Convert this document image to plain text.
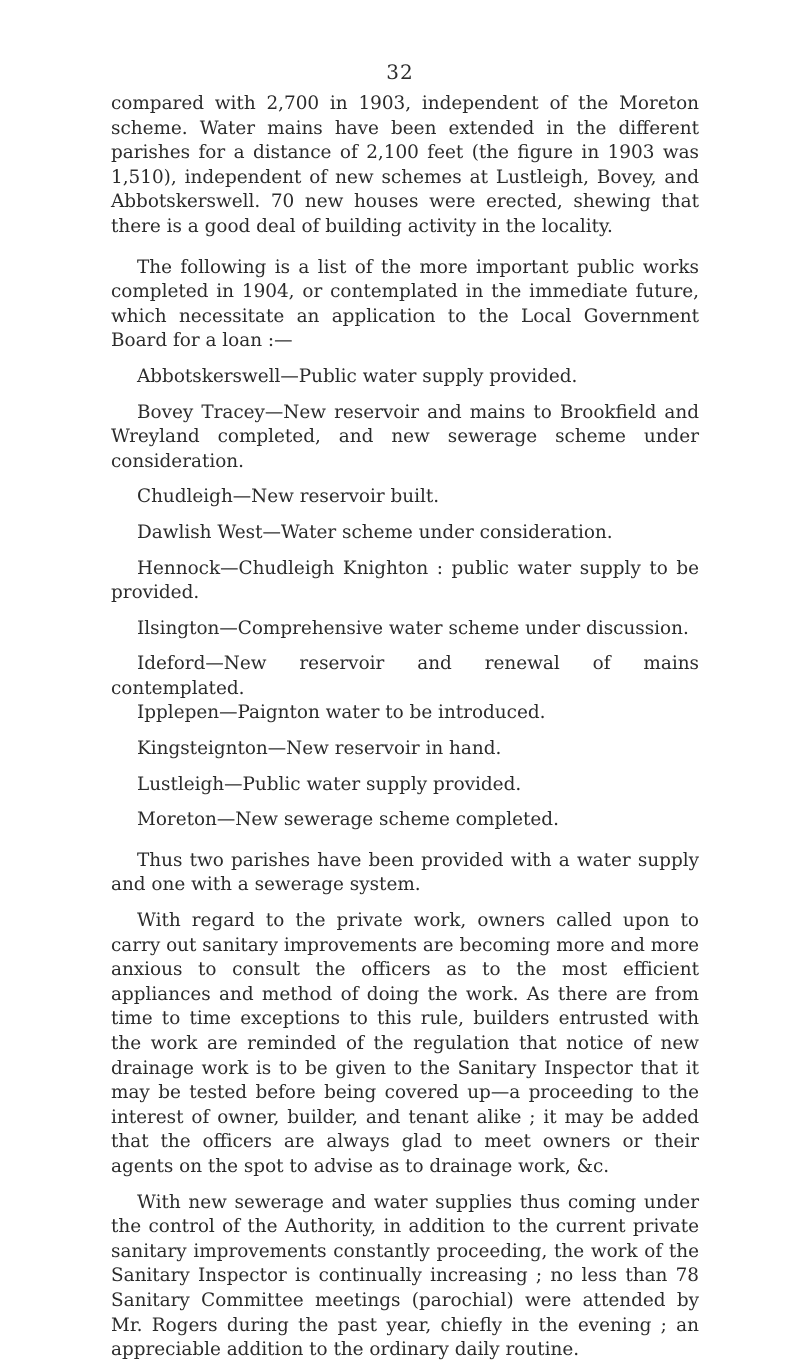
32

compared with 2,700 in 1903, independent of the Moreton scheme. Water mains have been extended in the different parishes for a distance of 2,100 feet (the figure in 1903 was 1,510), independent of new schemes at Lustleigh, Bovey, and Abbotskerswell. 70 new houses were erected, shewing that there is a good deal of building activity in the locality.

The following is a list of the more important public works completed in 1904, or contemplated in the immediate future, which necessitate an application to the Local Government Board for a loan :—

Abbotskerswell—Public water supply provided.

Bovey Tracey—New reservoir and mains to Brookfield and Wreyland completed, and new sewerage scheme under consideration.

Chudleigh—New reservoir built.

Dawlish West—Water scheme under consideration.

Hennock—Chudleigh Knighton : public water supply to be provided.

Ilsington—Comprehensive water scheme under discussion.

Ideford—New reservoir and renewal of mains contemplated.

Ipplepen—Paignton water to be introduced.

Kingsteignton—New reservoir in hand.

Lustleigh—Public water supply provided.

Moreton—New sewerage scheme completed.

Thus two parishes have been provided with a water supply and one with a sewerage system.

With regard to the private work, owners called upon to carry out sanitary improvements are becoming more and more anxious to consult the officers as to the most efficient appliances and method of doing the work. As there are from time to time exceptions to this rule, builders entrusted with the work are reminded of the regulation that notice of new drainage work is to be given to the Sanitary Inspector that it may be tested before being covered up—a proceeding to the interest of owner, builder, and tenant alike ; it may be added that the officers are always glad to meet owners or their agents on the spot to advise as to drainage work, &c.

With new sewerage and water supplies thus coming under the control of the Authority, in addition to the current private sanitary improvements constantly proceeding, the work of the Sanitary Inspector is continually increasing ; no less than 78 Sanitary Committee meetings (parochial) were attended by Mr. Rogers during the past year, chiefly in the evening ; an appreciable addition to the ordinary daily routine.
